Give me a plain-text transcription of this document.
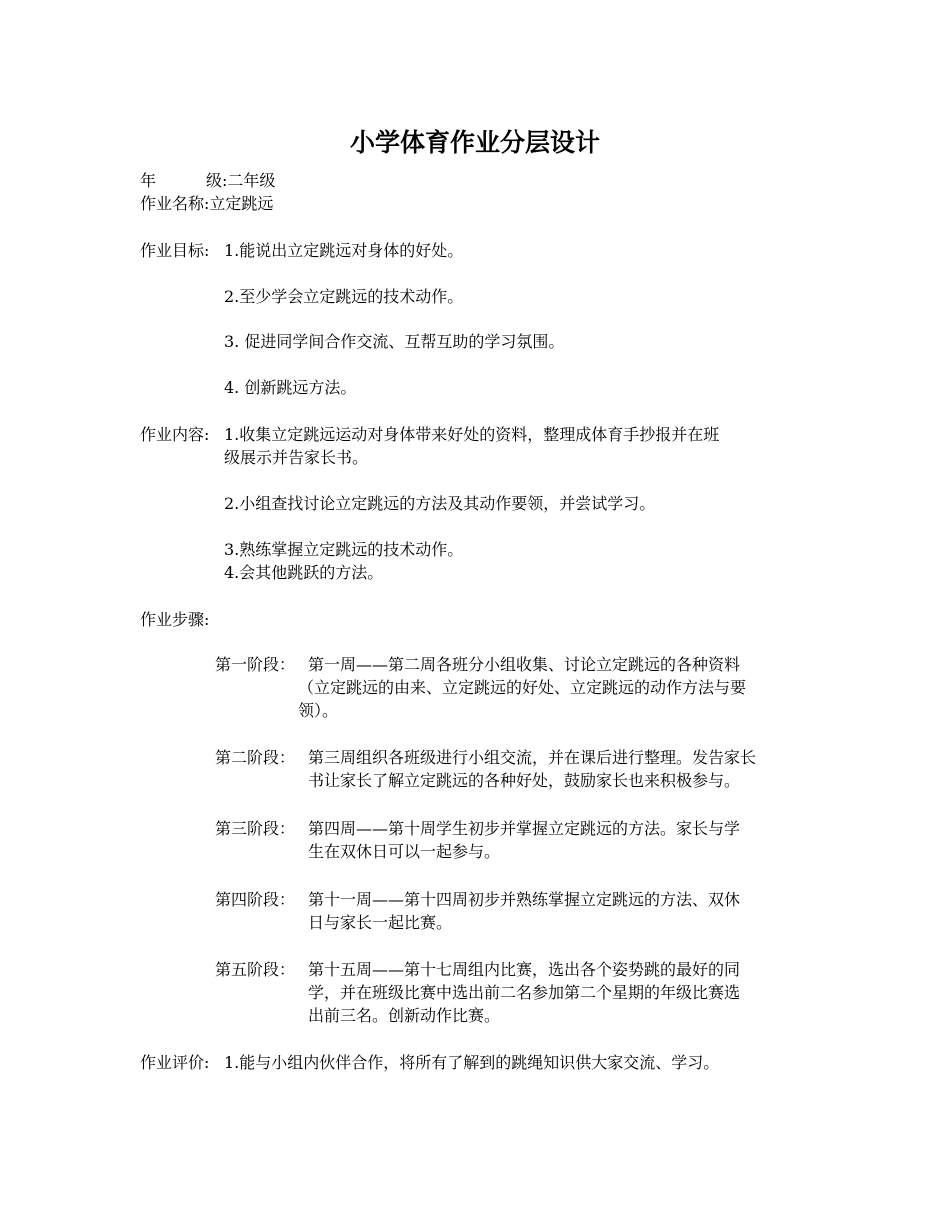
小学体育作业分层设计
年	级:二年级
作业名称:立定跳远
作业目标: 1.能说出立定跳远对身体的好处。
2.至少学会立定跳远的技术动作。
3. 促进同学间合作交流、互帮互助的学习氛围。
4. 创新跳远方法。
作业内容: 1.收集立定跳远运动对身体带来好处的资料，整理成体育手抄报并在班
级展示并告家长书。
2.小组查找讨论立定跳远的方法及其动作要领，并尝试学习。
3.熟练掌握立定跳远的技术动作。
4.会其他跳跃的方法。
作业步骤:
第一阶段： 第一周——第二周各班分小组收集、讨论立定跳远的各种资料
（立定跳远的由来、立定跳远的好处、立定跳远的动作方法与要
领）。
第二阶段： 第三周组织各班级进行小组交流，并在课后进行整理。发告家长
书让家长了解立定跳远的各种好处，鼓励家长也来积极参与。
第三阶段： 第四周——第十周学生初步并掌握立定跳远的方法。家长与学
生在双休日可以一起参与。
第四阶段： 第十一周——第十四周初步并熟练掌握立定跳远的方法、双休
日与家长一起比赛。
第五阶段： 第十五周——第十七周组内比赛，选出各个姿势跳的最好的同
学，并在班级比赛中选出前二名参加第二个星期的年级比赛选
出前三名。创新动作比赛。
作业评价: 1.能与小组内伙伴合作，将所有了解到的跳绳知识供大家交流、学习。
